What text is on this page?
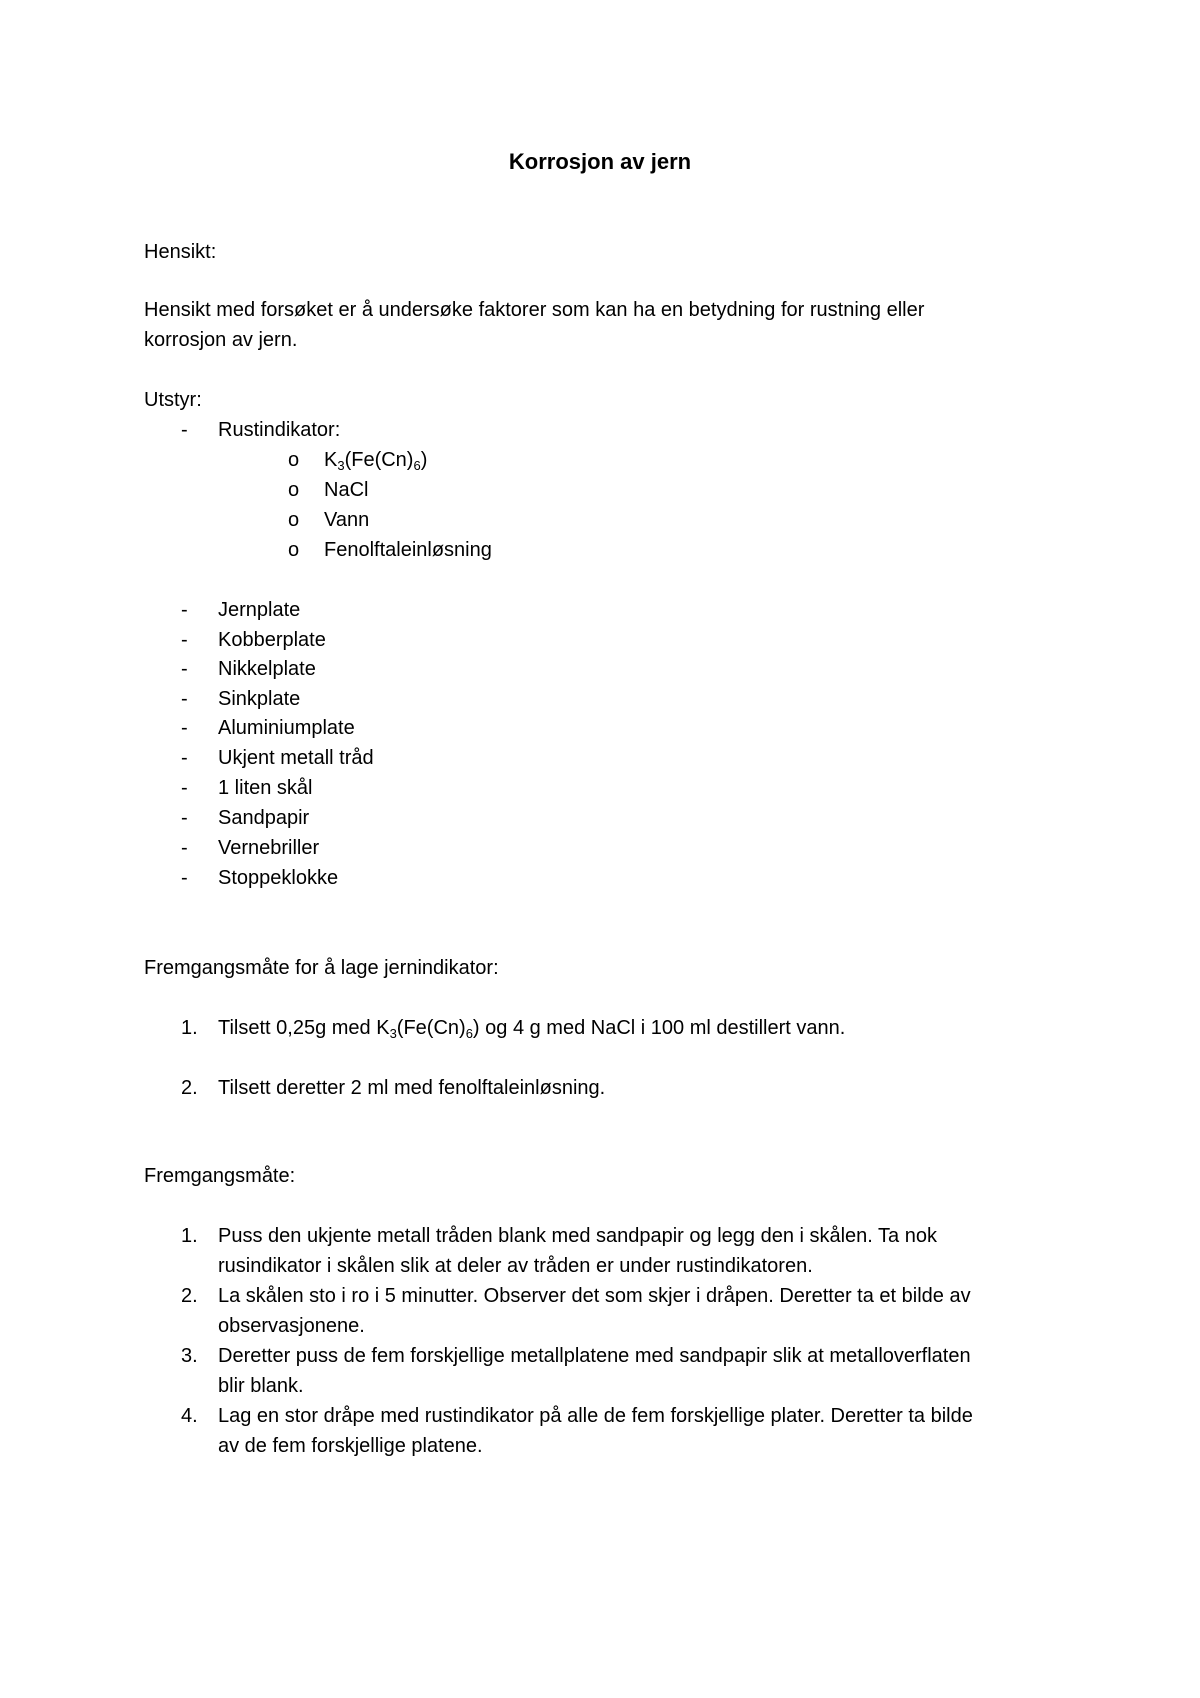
Korrosjon av jern
Hensikt:
Hensikt med forsøket er å undersøke faktorer som kan ha en betydning for rustning eller
korrosjon av jern.
Utstyr:
-	Rustindikator:
o $K_3(Fe(Cn)_6)$
o NaCl
o Vann
o Fenolftaleinløsning
-	Jernplate
-	Kobberplate
-	Nikkelplate
-	Sinkplate
-	Aluminiumplate
-	Ukjent metall tråd
-	1 liten skål
-	Sandpapir
-	Vernebriller
-	Stoppeklokke
Fremgangsmåte for å lage jernindikator:
1.	Tilsett 0,25g med $K_3(Fe(Cn)_6)$ og 4 g med NaCl i 100 ml destillert vann.
2.	Tilsett deretter 2 ml med fenolftaleinløsning.
Fremgangsmåte:
1.	Puss den ukjente metall tråden blank med sandpapir og legg den i skålen. Ta nok
rusindikator i skålen slik at deler av tråden er under rustindikatoren.
2.	La skålen sto i ro i 5 minutter. Observer det som skjer i dråpen. Deretter ta et bilde av
observasjonene.
3.	Deretter puss de fem forskjellige metallplatene med sandpapir slik at metalloverflaten
blir blank.
4.	Lag en stor dråpe med rustindikator på alle de fem forskjellige plater. Deretter ta bilde
av de fem forskjellige platene.
